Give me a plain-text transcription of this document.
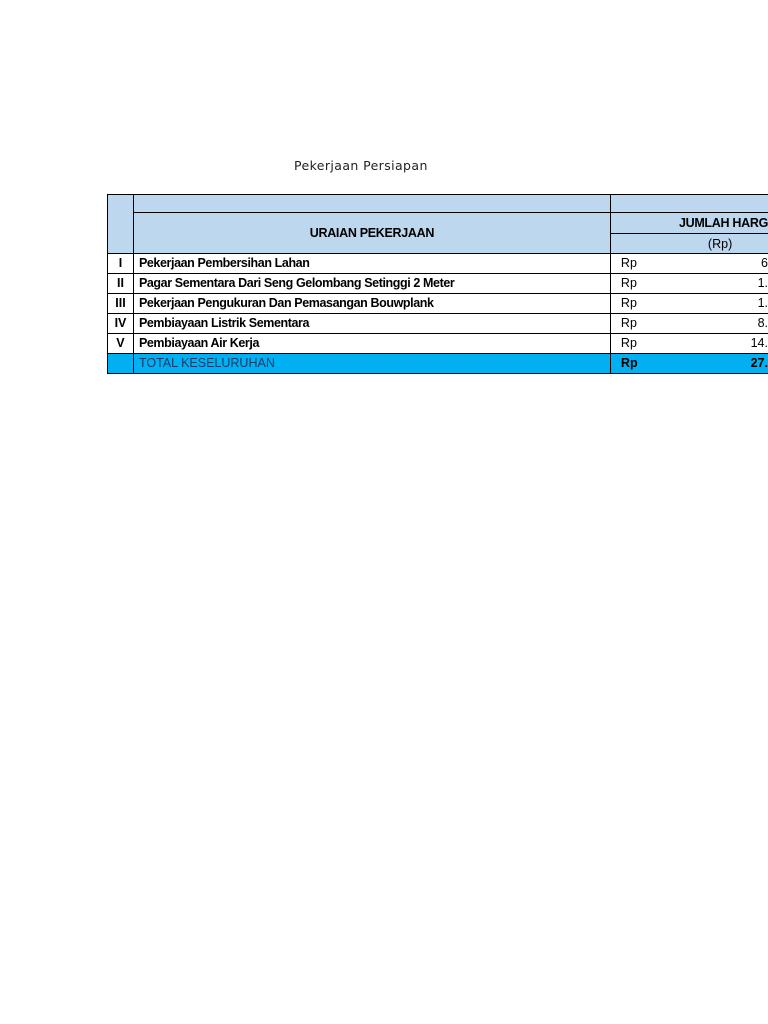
Pekerjaan Persiapan

	URAIAN PEKERJAAN	JUMLAH HARG	
		(Rp)	
I	Pekerjaan Pembersihan Lahan	Rp	6
II	Pagar Sementara Dari Seng Gelombang Setinggi 2 Meter	Rp	1.
III	Pekerjaan Pengukuran Dan Pemasangan Bouwplank	Rp	1.
IV	Pembiayaan Listrik Sementara	Rp	8.
V	Pembiayaan Air Kerja	Rp	14.
	TOTAL KESELURUHAN	Rp	27.
